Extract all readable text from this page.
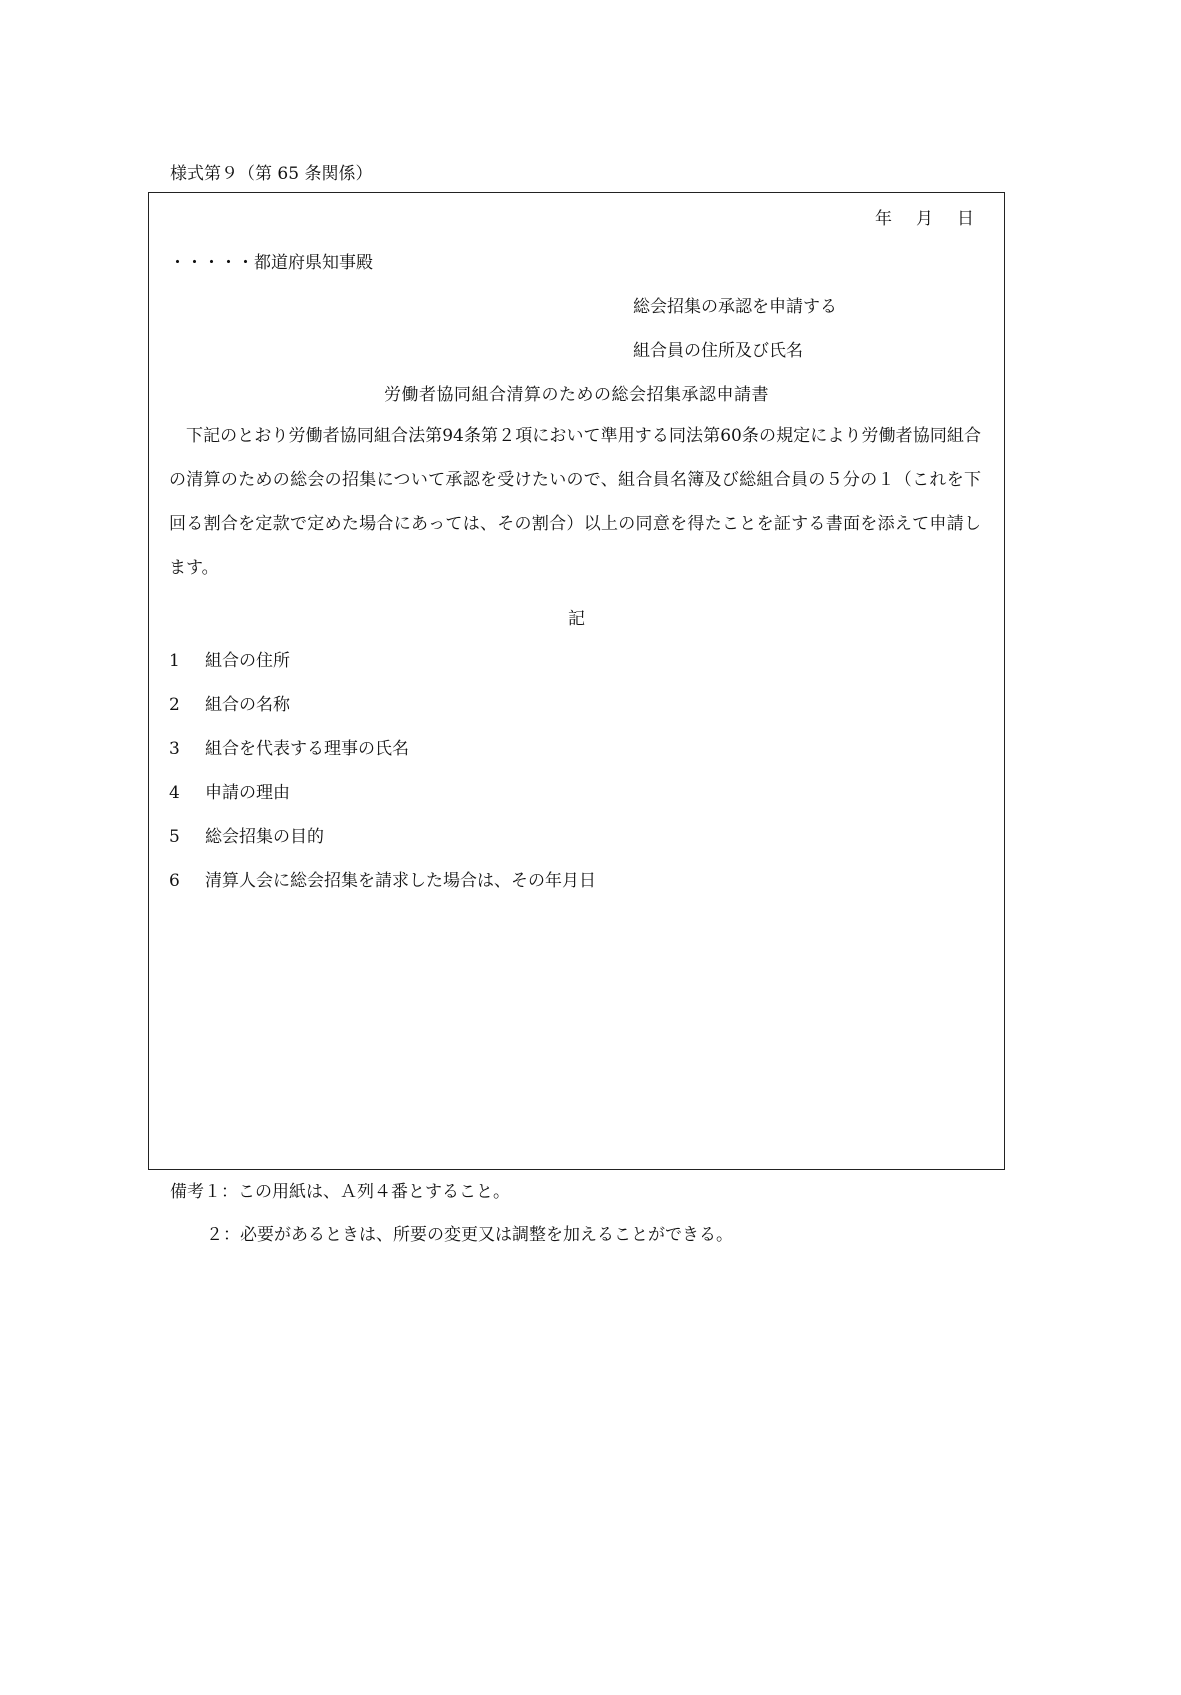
様式第９（第 65 条関係）
年 月 日
・・・・・都道府県知事殿
総会招集の承認を申請する
組合員の住所及び氏名
労働者協同組合清算のための総会招集承認申請書
下記のとおり労働者協同組合法第94条第２項において準用する同法第60条の規定により労働者協同組合の清算のための総会の招集について承認を受けたいので、組合員名簿及び総組合員の５分の１（これを下回る割合を定款で定めた場合にあっては、その割合）以上の同意を得たことを証する書面を添えて申請します。
記
1 組合の住所
2 組合の名称
3 組合を代表する理事の氏名
4 申請の理由
5 総会招集の目的
6 清算人会に総会招集を請求した場合は、その年月日
備考１：この用紙は、Ａ列４番とすること。
２：必要があるときは、所要の変更又は調整を加えることができる。
